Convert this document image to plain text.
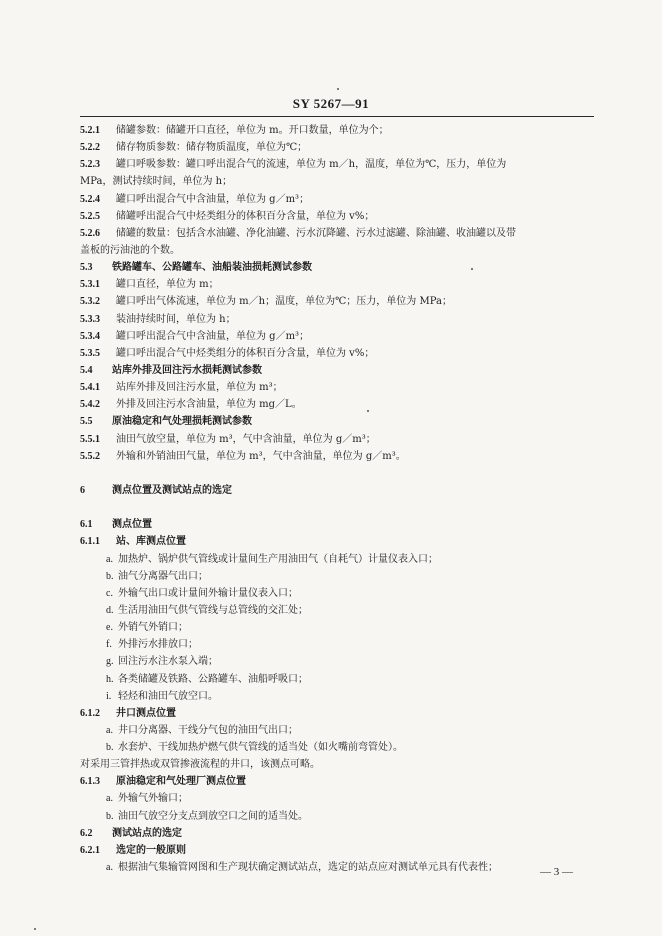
SY 5267—91
5.2.1 储罐参数：储罐开口直径，单位为 m。开口数量，单位为个；
5.2.2 储存物质参数：储存物质温度，单位为℃；
5.2.3 罐口呼吸参数：罐口呼出混合气的流速，单位为 m／h，温度，单位为℃，压力，单位为
MPa，测试持续时间，单位为 h；
5.2.4 罐口呼出混合气中含油量，单位为 g／m³；
5.2.5 储罐呼出混合气中烃类组分的体积百分含量，单位为 v%；
5.2.6 储罐的数量：包括含水油罐、净化油罐、污水沉降罐、污水过滤罐、除油罐、收油罐以及带
盖板的污油池的个数。
5.3 铁路罐车、公路罐车、油船装油损耗测试参数
5.3.1 罐口直径，单位为 m；
5.3.2 罐口呼出气体流速，单位为 m／h；温度，单位为℃；压力，单位为 MPa；
5.3.3 装油持续时间，单位为 h；
5.3.4 罐口呼出混合气中含油量，单位为 g／m³；
5.3.5 罐口呼出混合气中烃类组分的体积百分含量，单位为 v%；
5.4 站库外排及回注污水损耗测试参数
5.4.1 站库外排及回注污水量，单位为 m³；
5.4.2 外排及回注污水含油量，单位为 mg／L。
5.5 原油稳定和气处理损耗测试参数
5.5.1 油田气放空量，单位为 m³，气中含油量，单位为 g／m³；
5.5.2 外输和外销油田气量，单位为 m³，气中含油量，单位为 g／m³。
6	测点位置及测试站点的选定
6.1 测点位置
6.1.1 站、库测点位置
a. 加热炉、锅炉供气管线或计量间生产用油田气（自耗气）计量仪表入口；
b. 油气分离器气出口；
c. 外输气出口或计量间外输计量仪表入口；
d. 生活用油田气供气管线与总管线的交汇处；
e. 外销气外销口；
f. 外排污水排放口；
g. 回注污水注水泵入端；
h. 各类储罐及铁路、公路罐车、油船呼吸口；
i. 轻烃和油田气放空口。
6.1.2 井口测点位置
a. 井口分离器、干线分气包的油田气出口；
b. 水套炉、干线加热炉燃气供气管线的适当处（如火嘴前弯管处）。
对采用三管拌热或双管掺液流程的井口，该测点可略。
6.1.3 原油稳定和气处理厂测点位置
a. 外输气外输口；
b. 油田气放空分支点到放空口之间的适当处。
6.2 测试站点的选定
6.2.1 选定的一般原则
a. 根据油气集输管网图和生产现状确定测试站点，选定的站点应对测试单元具有代表性；	— 3 —
